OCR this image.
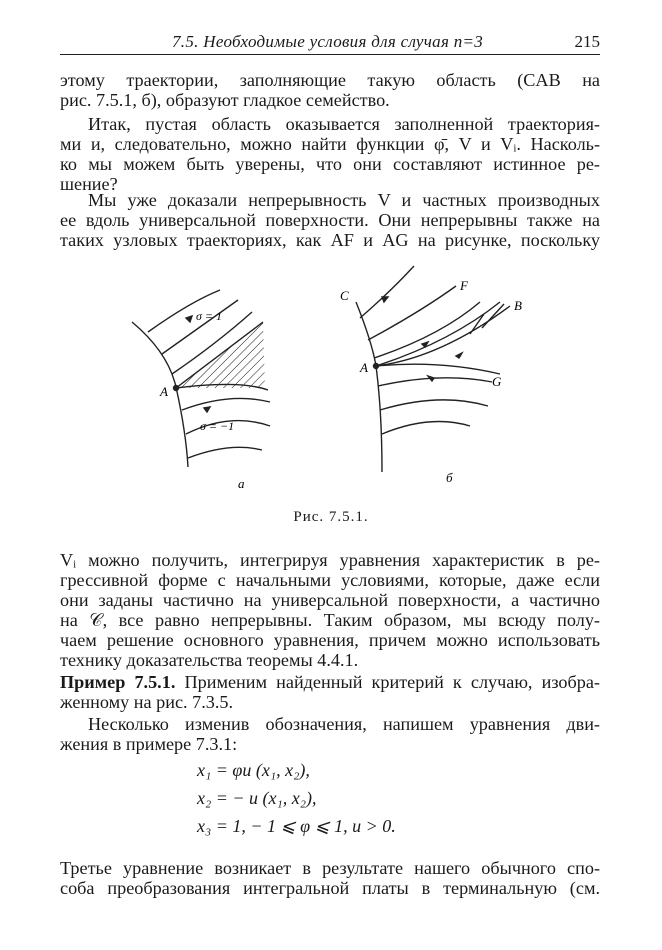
7.5. Необходимые условия для случая n=3	215

этому траектории, заполняющие такую область (CAB на
рис. 7.5.1, б), образуют гладкое семейство.

Итак, пустая область оказывается заполненной траектория-
ми и, следовательно, можно найти функции φ̄, V и Vᵢ. Насколь-
ко мы можем быть уверены, что они составляют истинное ре-
шение?

Мы уже доказали непрерывность V и частных производных
ее вдоль универсальной поверхности. Они непрерывны также на
таких узловых траекториях, как AF и AG на рисунке, поскольку

σ = 1
σ = −1
A
а
C
F
B
G
A
б
Рис. 7.5.1.

Vᵢ можно получить, интегрируя уравнения характеристик в ре-
грессивной форме с начальными условиями, которые, даже если
они заданы частично на универсальной поверхности, а частично
на 𝒞, все равно непрерывны. Таким образом, мы всюду полу-
чаем решение основного уравнения, причем можно использовать
технику доказательства теоремы 4.4.1.

Пример 7.5.1. Применим найденный критерий к случаю, изобра-
женному на рис. 7.3.5.

Несколько изменив обозначения, напишем уравнения дви-
жения в примере 7.3.1:

x₁ = φu (x₁, x₂),
x₂ = − u (x₁, x₂),
x₃ = 1, − 1 ⩽ φ ⩽ 1, u > 0.

Третье уравнение возникает в результате нашего обычного спо-
соба преобразования интегральной платы в терминальную (см.
